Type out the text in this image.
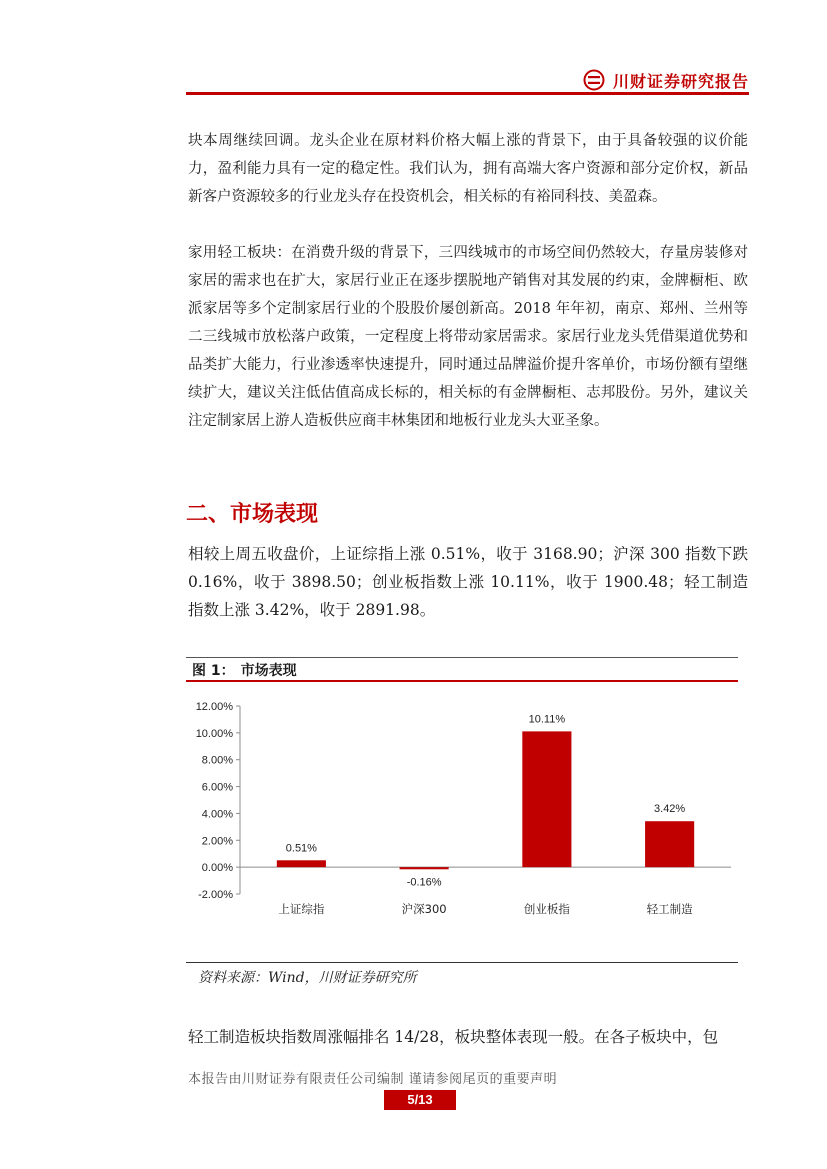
川财证券研究报告

块本周继续回调。龙头企业在原材料价格大幅上涨的背景下，由于具备较强的议价能力，盈利能力具有一定的稳定性。我们认为，拥有高端大客户资源和部分定价权，新品新客户资源较多的行业龙头存在投资机会，相关标的有裕同科技、美盈森。

家用轻工板块：在消费升级的背景下，三四线城市的市场空间仍然较大，存量房装修对家居的需求也在扩大，家居行业正在逐步摆脱地产销售对其发展的约束，金牌橱柜、欧派家居等多个定制家居行业的个股股价屡创新高。2018 年年初，南京、郑州、兰州等二三线城市放松落户政策，一定程度上将带动家居需求。家居行业龙头凭借渠道优势和品类扩大能力，行业渗透率快速提升，同时通过品牌溢价提升客单价，市场份额有望继续扩大，建议关注低估值高成长标的，相关标的有金牌橱柜、志邦股份。另外，建议关注定制家居上游人造板供应商丰林集团和地板行业龙头大亚圣象。

二、市场表现

相较上周五收盘价，上证综指上涨 0.51%，收于 3168.90；沪深 300 指数下跌 0.16%，收于 3898.50；创业板指数上涨 10.11%，收于 1900.48；轻工制造指数上涨 3.42%，收于 2891.98。

图 1： 市场表现
12.00%
10.00%
8.00%
6.00%
4.00%
2.00%
0.00%
-2.00%
0.51%
上证综指
-0.16%
沪深300
10.11%
创业板指
3.42%
轻工制造
资料来源：Wind，川财证券研究所

轻工制造板块指数周涨幅排名 14/28，板块整体表现一般。在各子板块中，包

本报告由川财证券有限责任公司编制 谨请参阅尾页的重要声明
5/13
